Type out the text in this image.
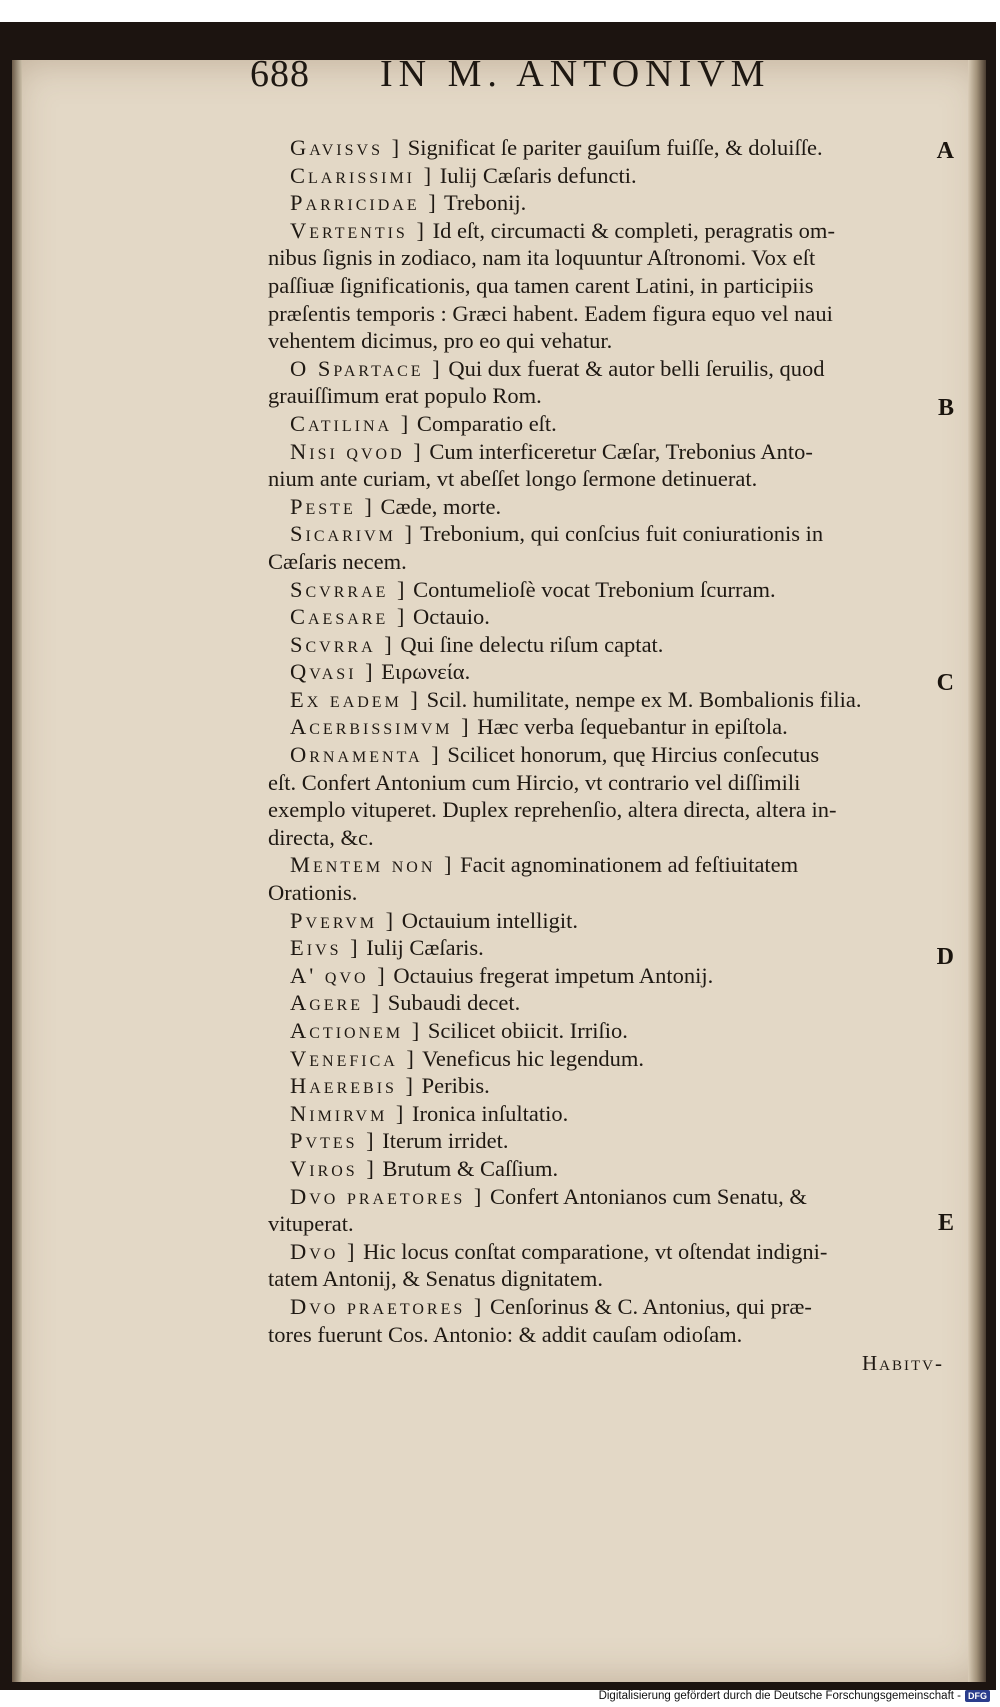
688 IN M. ANTONIVM
Gavisvs ] Significat ſe pariter gauiſum fuiſſe, & doluiſſe.
Clarissimi ] Iulij Cæſaris defuncti.
Parricidae ] Trebonij.
Vertentis ] Id eſt, circumacti & completi, peragratis om-
nibus ſignis in zodiaco, nam ita loquuntur Aſtronomi. Vox eſt
paſſiuæ ſignificationis, qua tamen carent Latini, in participiis
præſentis temporis : Græci habent. Eadem figura equo vel naui
vehentem dicimus, pro eo qui vehatur.
O Spartace ] Qui dux fuerat & autor belli ſeruilis, quod
grauiſſimum erat populo Rom.
Catilina ] Comparatio eſt.
Nisi qvod ] Cum interficeretur Cæſar, Trebonius Anto-
nium ante curiam, vt abeſſet longo ſermone detinuerat.
Peste ] Cæde, morte.
Sicarivm ] Trebonium, qui conſcius fuit coniurationis in
Cæſaris necem.
Scvrrae ] Contumelioſè vocat Trebonium ſcurram.
Caesare ] Octauio.
Scvrra ] Qui ſine delectu riſum captat.
Qvasi ] Ειρωνεία.
Ex eadem ] Scil. humilitate, nempe ex M. Bombalionis filia.
Acerbissimvm ] Hæc verba ſequebantur in epiſtola.
Ornamenta ] Scilicet honorum, quę Hircius conſecutus
eſt. Confert Antonium cum Hircio, vt contrario vel diſſimili
exemplo vituperet. Duplex reprehenſio, altera directa, altera in-
directa, &c.
Mentem non ] Facit agnominationem ad feſtiuitatem
Orationis.
Pvervm ] Octauium intelligit.
Eivs ] Iulij Cæſaris.
A' qvo ] Octauius fregerat impetum Antonij.
Agere ] Subaudi decet.
Actionem ] Scilicet obiicit. Irriſio.
Venefica ] Veneficus hic legendum.
Haerebis ] Peribis.
Nimirvm ] Ironica inſultatio.
Pvtes ] Iterum irridet.
Viros ] Brutum & Caſſium.
Dvo praetores ] Confert Antonianos cum Senatu, &
vituperat.
Dvo ] Hic locus conſtat comparatione, vt oſtendat indigni-
tatem Antonij, & Senatus dignitatem.
Dvo praetores ] Cenſorinus & C. Antonius, qui præ-
tores fuerunt Cos. Antonio: & addit cauſam odioſam.
A
B
C
D
E
Habitv-
Digitalisierung gefördert durch die Deutsche Forschungsgemeinschaft - DFG
